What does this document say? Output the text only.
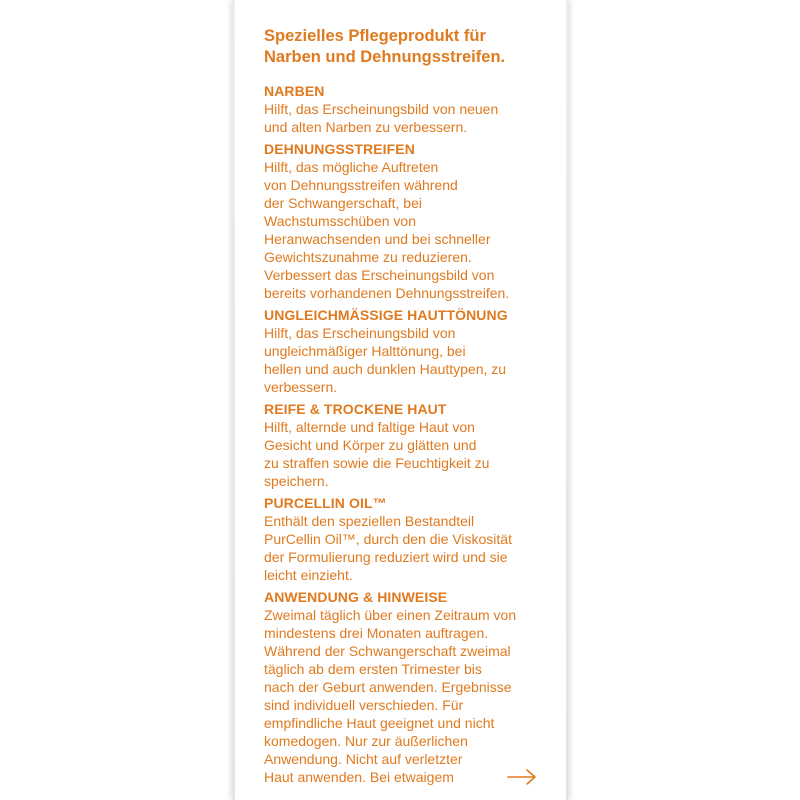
Spezielles Pflegeprodukt für
Narben und Dehnungsstreifen.
NARBEN

Hilft, das Erscheinungsbild von neuen
und alten Narben zu verbessern.

DEHNUNGSSTREIFEN

Hilft, das mögliche Auftreten
von Dehnungsstreifen während
der Schwangerschaft, bei
Wachstumsschüben von
Heranwachsenden und bei schneller
Gewichtszunahme zu reduzieren.
Verbessert das Erscheinungsbild von
bereits vorhandenen Dehnungsstreifen.

UNGLEICHMÄSSIGE HAUTTÖNUNG

Hilft, das Erscheinungsbild von
ungleichmäßiger Halttönung, bei
hellen und auch dunklen Hauttypen, zu
verbessern.

REIFE & TROCKENE HAUT

Hilft, alternde und faltige Haut von
Gesicht und Körper zu glätten und
zu straffen sowie die Feuchtigkeit zu
speichern.

PURCELLIN OIL™

Enthält den speziellen Bestandteil
PurCellin Oil™, durch den die Viskosität
der Formulierung reduziert wird und sie
leicht einzieht.

ANWENDUNG & HINWEISE

Zweimal täglich über einen Zeitraum von
mindestens drei Monaten auftragen.
Während der Schwangerschaft zweimal
täglich ab dem ersten Trimester bis
nach der Geburt anwenden. Ergebnisse
sind individuell verschieden. Für
empfindliche Haut geeignet und nicht
komedogen. Nur zur äußerlichen
Anwendung. Nicht auf verletzter
Haut anwenden. Bei etwaigem
